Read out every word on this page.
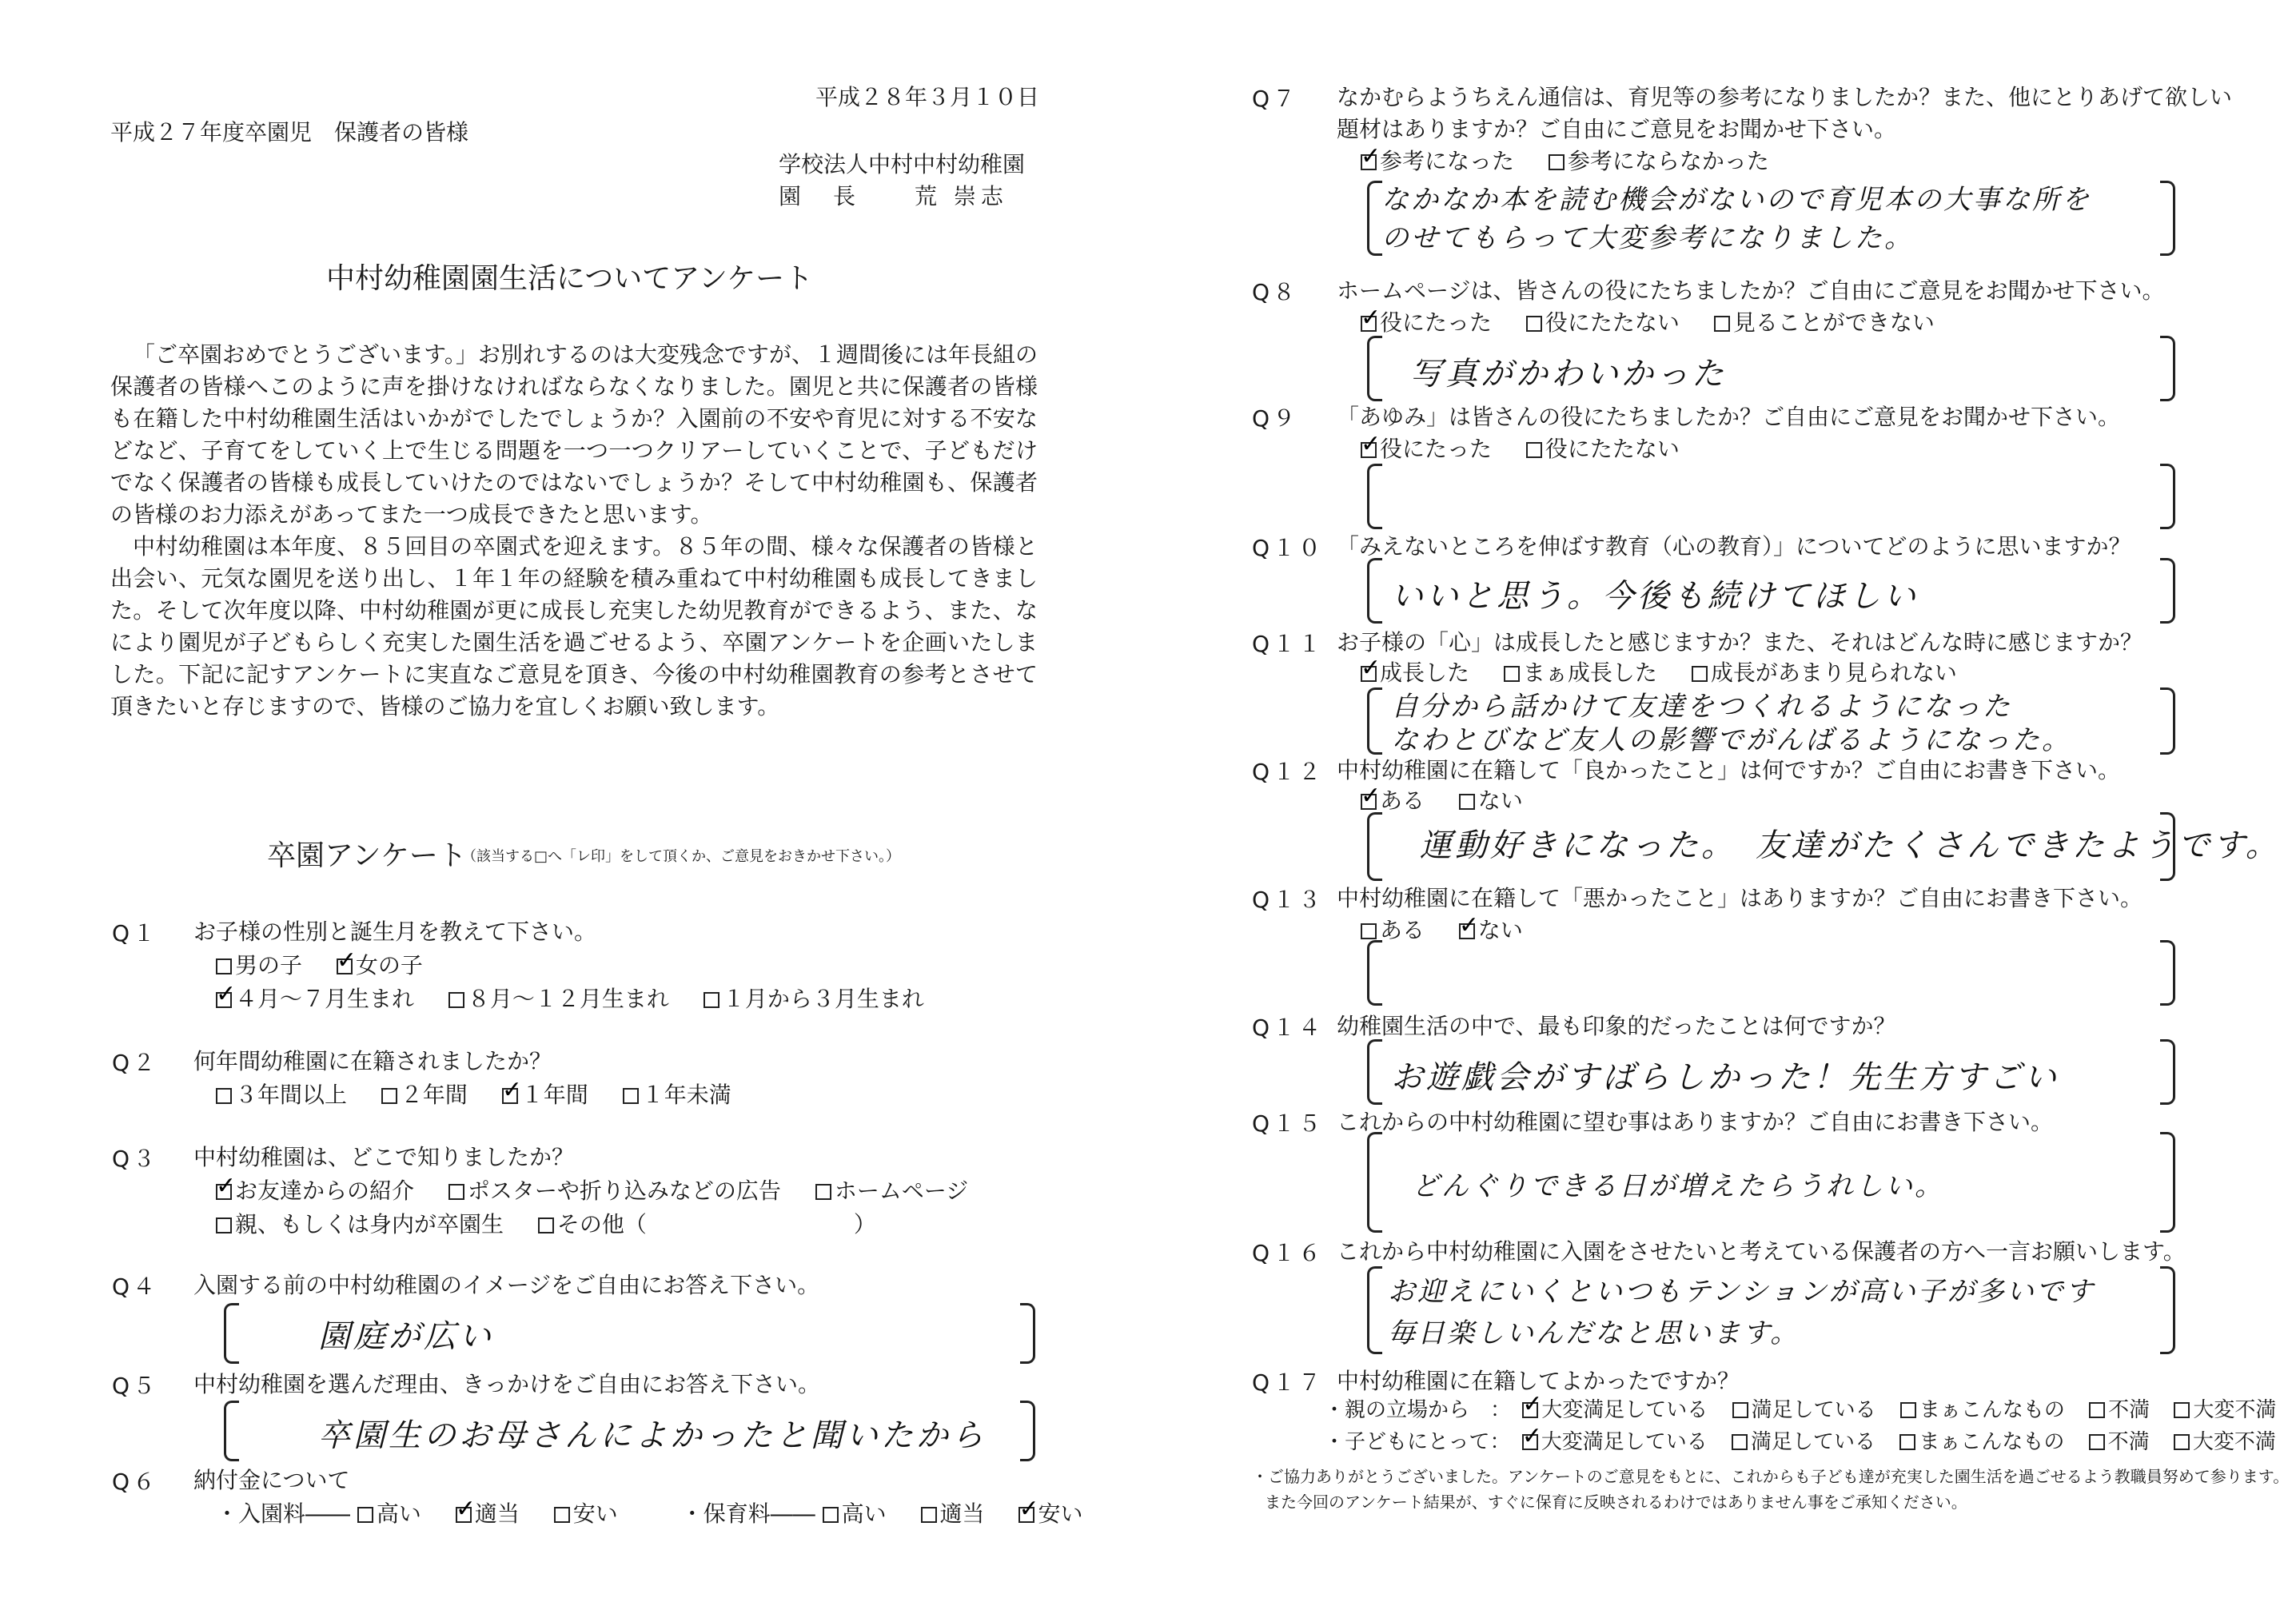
平成２８年３月１０日
平成２７年度卒園児　保護者の皆様
学校法人中村中村幼稚園
園　長　　荒 崇志
中村幼稚園園生活についてアンケート
「ご卒園おめでとうございます。」お別れするのは大変残念ですが、１週間後には年長組の保護者の皆様へこのように声を掛けなければならなくなりました。園児と共に保護者の皆様も在籍した中村幼稚園生活はいかがでしたでしょうか？入園前の不安や育児に対する不安などなど、子育てをしていく上で生じる問題を一つ一つクリアーしていくことで、子どもだけでなく保護者の皆様も成長していけたのではないでしょうか？そして中村幼稚園も、保護者の皆様のお力添えがあってまた一つ成長できたと思います。
中村幼稚園は本年度、８５回目の卒園式を迎えます。８５年の間、様々な保護者の皆様と出会い、元気な園児を送り出し、１年１年の経験を積み重ねて中村幼稚園も成長してきました。そして次年度以降、中村幼稚園が更に成長し充実した幼児教育ができるよう、また、なにより園児が子どもらしく充実した園生活を過ごせるよう、卒園アンケートを企画いたしました。下記に記すアンケートに実直なご意見を頂き、今後の中村幼稚園教育の参考とさせて頂きたいと存じますので、皆様のご協力を宜しくお願い致します。
卒園アンケート
（該当する□へ「レ印」をして頂くか、ご意見をおきかせ下さい。）
Q１ お子様の性別と誕生月を教えて下さい。
男の子 ✓ 女の子
✓４月〜７月生まれ ８月〜１２月生まれ １月から３月生まれ
Q２ 何年間幼稚園に在籍されましたか？
３年間以上 ２年間 ✓ １年間 １年未満
Q３ 中村幼稚園は、どこで知りましたか？
✓お友達からの紹介 ポスターや折り込みなどの広告 ホームページ
親、もしくは身内が卒園生 その他（	）
Q４ 入園する前の中村幼稚園のイメージをご自由にお答え下さい。
園庭が広い
Q５ 中村幼稚園を選んだ理由、きっかけをご自由にお答え下さい。
卒園生のお母さんによかったと聞いたから
Q６ 納付金について
・入園料―― 高い ✓ 適当 安い	・保育料―― 高い 適当 ✓ 安い
Q７ なかむらようちえん通信は、育児等の参考になりましたか？また、他にとりあげて欲しい
題材はありますか？ご自由にご意見をお聞かせ下さい。
✓参考になった 参考にならなかった
なかなか本を読む機会がないので育児本の大事な所を
のせてもらって大変参考になりました。
Q８ ホームページは、皆さんの役にたちましたか？ご自由にご意見をお聞かせ下さい。
✓役にたった 役にたたない 見ることができない
写真がかわいかった
Q９ 「あゆみ」は皆さんの役にたちましたか？ご自由にご意見をお聞かせ下さい。
✓役にたった 役にたたない
Q１０ 「みえないところを伸ばす教育（心の教育）」についてどのように思いますか？
いいと思う。今後も続けてほしい
Q１１ お子様の「心」は成長したと感じますか？また、それはどんな時に感じますか？
✓成長した まぁ成長した 成長があまり見られない
自分から話かけて友達をつくれるようになった
なわとびなど友人の影響でがんばるようになった。
Q１２ 中村幼稚園に在籍して「良かったこと」は何ですか？ご自由にお書き下さい。
✓ある ない
運動好きになった。　友達がたくさんできたようです。
Q１３ 中村幼稚園に在籍して「悪かったこと」はありますか？ご自由にお書き下さい。
ある ✓ ない
Q１４ 幼稚園生活の中で、最も印象的だったことは何ですか？
お遊戯会がすばらしかった！先生方すごい
Q１５ これからの中村幼稚園に望む事はありますか？ご自由にお書き下さい。
どんぐりできる日が増えたらうれしい。
Q１６ これから中村幼稚園に入園をさせたいと考えている保護者の方へ一言お願いします。
お迎えにいくといつもテンションが高い子が多いです
毎日楽しいんだなと思います。
Q１７ 中村幼稚園に在籍してよかったですか？
・親の立場から　： ✓ 大変満足している 満足している まぁこんなもの 不満 大変不満
・子どもにとって： ✓ 大変満足している 満足している まぁこんなもの 不満 大変不満
・ご協力ありがとうございました。アンケートのご意見をもとに、これからも子ども達が充実した園生活を過ごせるよう教職員努めて参ります。
また今回のアンケート結果が、すぐに保育に反映されるわけではありません事をご承知ください。
